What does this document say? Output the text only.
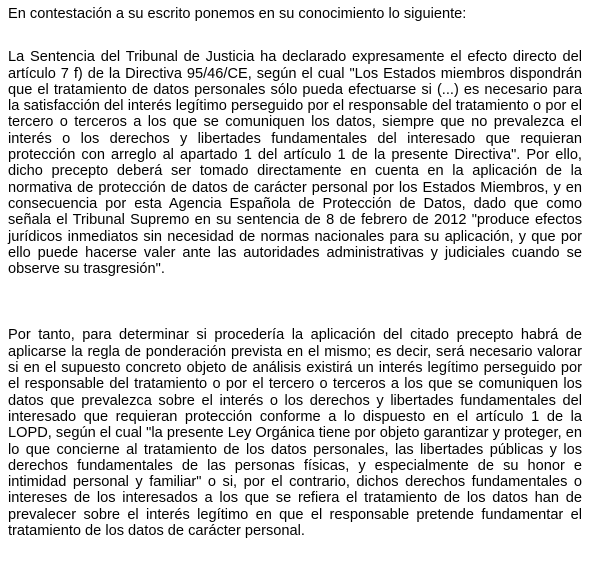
En contestación a su escrito ponemos en su conocimiento lo siguiente:

La Sentencia del Tribunal de Justicia ha declarado expresamente el efecto directo del artículo 7 f) de la Directiva 95/46/CE, según el cual "Los Estados miembros dispondrán que el tratamiento de datos personales sólo pueda efectuarse si (...) es necesario para la satisfacción del interés legítimo perseguido por el responsable del tratamiento o por el tercero o terceros a los que se comuniquen los datos, siempre que no prevalezca el interés o los derechos y libertades fundamentales del interesado que requieran protección con arreglo al apartado 1 del artículo 1 de la presente Directiva". Por ello, dicho precepto deberá ser tomado directamente en cuenta en la aplicación de la normativa de protección de datos de carácter personal por los Estados Miembros, y en consecuencia por esta Agencia Española de Protección de Datos, dado que como señala el Tribunal Supremo en su sentencia de 8 de febrero de 2012 "produce efectos jurídicos inmediatos sin necesidad de normas nacionales para su aplicación, y que por ello puede hacerse valer ante las autoridades administrativas y judiciales cuando se observe su trasgresión".

Por tanto, para determinar si procedería la aplicación del citado precepto habrá de aplicarse la regla de ponderación prevista en el mismo; es decir, será necesario valorar si en el supuesto concreto objeto de análisis existirá un interés legítimo perseguido por el responsable del tratamiento o por el tercero o terceros a los que se comuniquen los datos que prevalezca sobre el interés o los derechos y libertades fundamentales del interesado que requieran protección conforme a lo dispuesto en el artículo 1 de la LOPD, según el cual "la presente Ley Orgánica tiene por objeto garantizar y proteger, en lo que concierne al tratamiento de los datos personales, las libertades públicas y los derechos fundamentales de las personas físicas, y especialmente de su honor e intimidad personal y familiar" o si, por el contrario, dichos derechos fundamentales o intereses de los interesados a los que se refiera el tratamiento de los datos han de prevalecer sobre el interés legítimo en que el responsable pretende fundamentar el tratamiento de los datos de carácter personal.
